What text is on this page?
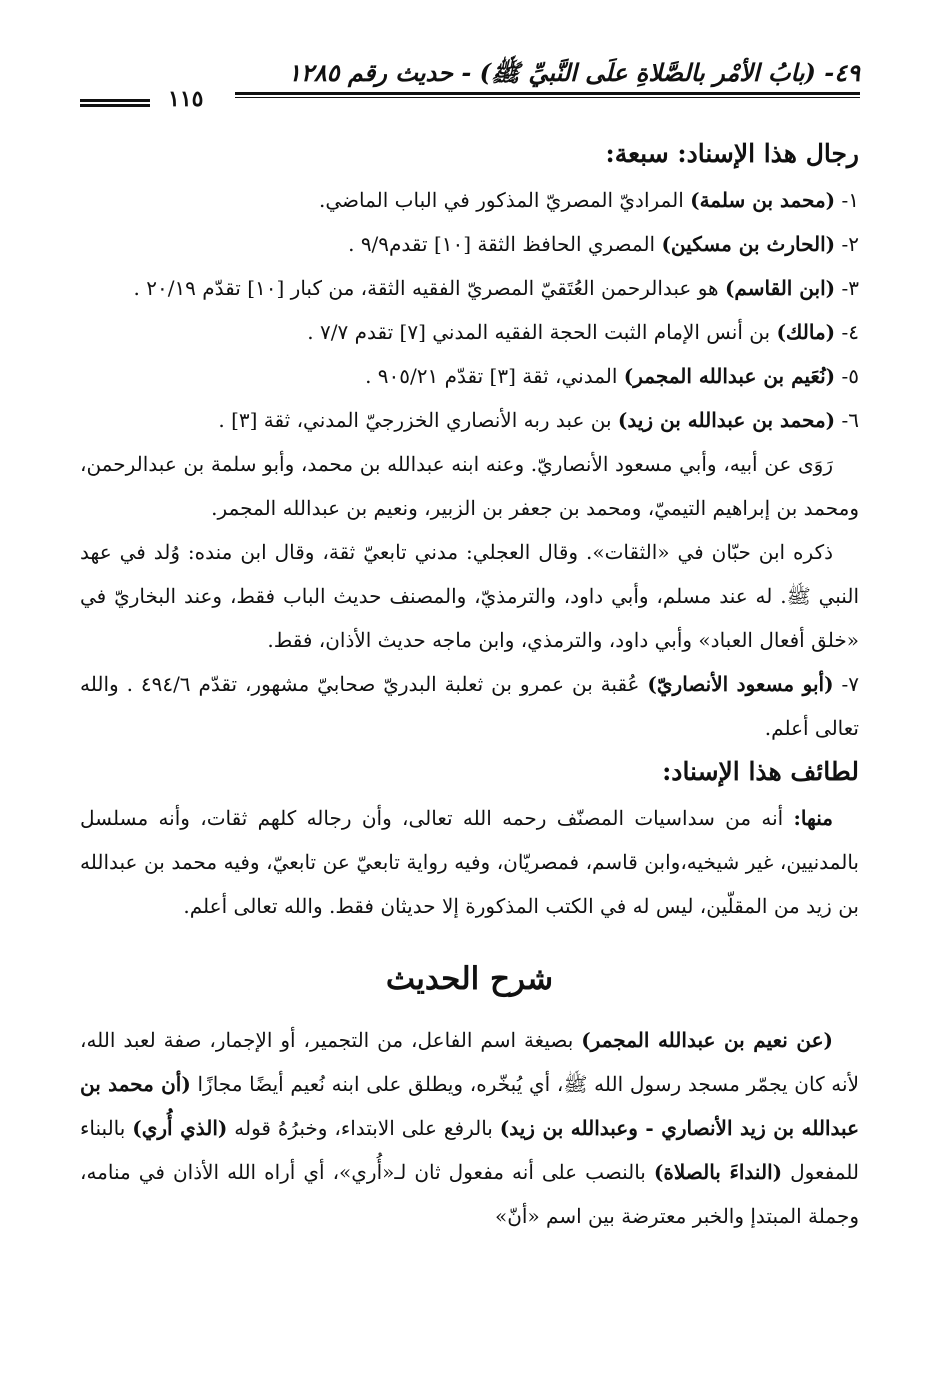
٤٩- (بابُ الأمْر بالصَّلاةِ علَى النَّبيِّ ﷺ) - حديث رقم ١٢٨٥
١١٥
رجال هذا الإسناد: سبعة:

١- (محمد بن سلمة) المراديّ المصريّ المذكور في الباب الماضي.

٢- (الحارث بن مسكين) المصري الحافظ الثقة [١٠] تقدم٩/٩ .

٣- (ابن القاسم) هو عبدالرحمن العُتَقيّ المصريّ الفقيه الثقة، من كبار [١٠] تقدّم ٢٠/١٩ .

٤- (مالك) بن أنس الإمام الثبت الحجة الفقيه المدني [٧] تقدم ٧/٧ .

٥- (نُعَيم بن عبدالله المجمر) المدني، ثقة [٣] تقدّم ٩٠٥/٢١ .

٦- (محمد بن عبدالله بن زيد) بن عبد ربه الأنصاري الخزرجيّ المدني، ثقة [٣] .

رَوَى عن أبيه، وأبي مسعود الأنصاريّ. وعنه ابنه عبدالله بن محمد، وأبو سلمة بن عبدالرحمن، ومحمد بن إبراهيم التيميّ، ومحمد بن جعفر بن الزبير، ونعيم بن عبدالله المجمر.

ذكره ابن حبّان في «الثقات». وقال العجلي: مدني تابعيّ ثقة، وقال ابن منده: وُلد في عهد النبي ﷺ. له عند مسلم، وأبي داود، والترمذيّ، والمصنف حديث الباب فقط، وعند البخاريّ في «خلق أفعال العباد» وأبي داود، والترمذي، وابن ماجه حديث الأذان، فقط.

٧- (أبو مسعود الأنصاريّ) عُقبة بن عمرو بن ثعلبة البدريّ صحابيّ مشهور، تقدّم ٤٩٤/٦ . والله تعالى أعلم.

لطائف هذا الإسناد:

منها: أنه من سداسيات المصنّف رحمه الله تعالى، وأن رجاله كلهم ثقات، وأنه مسلسل بالمدنيين، غير شيخيه،وابن قاسم، فمصريّان، وفيه رواية تابعيّ عن تابعيّ، وفيه محمد بن عبدالله بن زيد من المقلّين، ليس له في الكتب المذكورة إلا حديثان فقط. والله تعالى أعلم.

شرح الحديث

(عن نعيم بن عبدالله المجمر) بصيغة اسم الفاعل، من التجمير، أو الإجمار، صفة لعبد الله، لأنه كان يجمّر مسجد رسول الله ﷺ، أي يُبخّره، ويطلق على ابنه نُعيم أيضًا مجازًا (أن محمد بن عبدالله بن زيد الأنصاري - وعبدالله بن زيد) بالرفع على الابتداء، وخبرُهُ قوله (الذي أُري) بالبناء للمفعول (النداءَ بالصلاة) بالنصب على أنه مفعول ثان لـ«أُري»، أي أراه الله الأذان في منامه، وجملة المبتدإ والخبر معترضة بين اسم «أنّ»
